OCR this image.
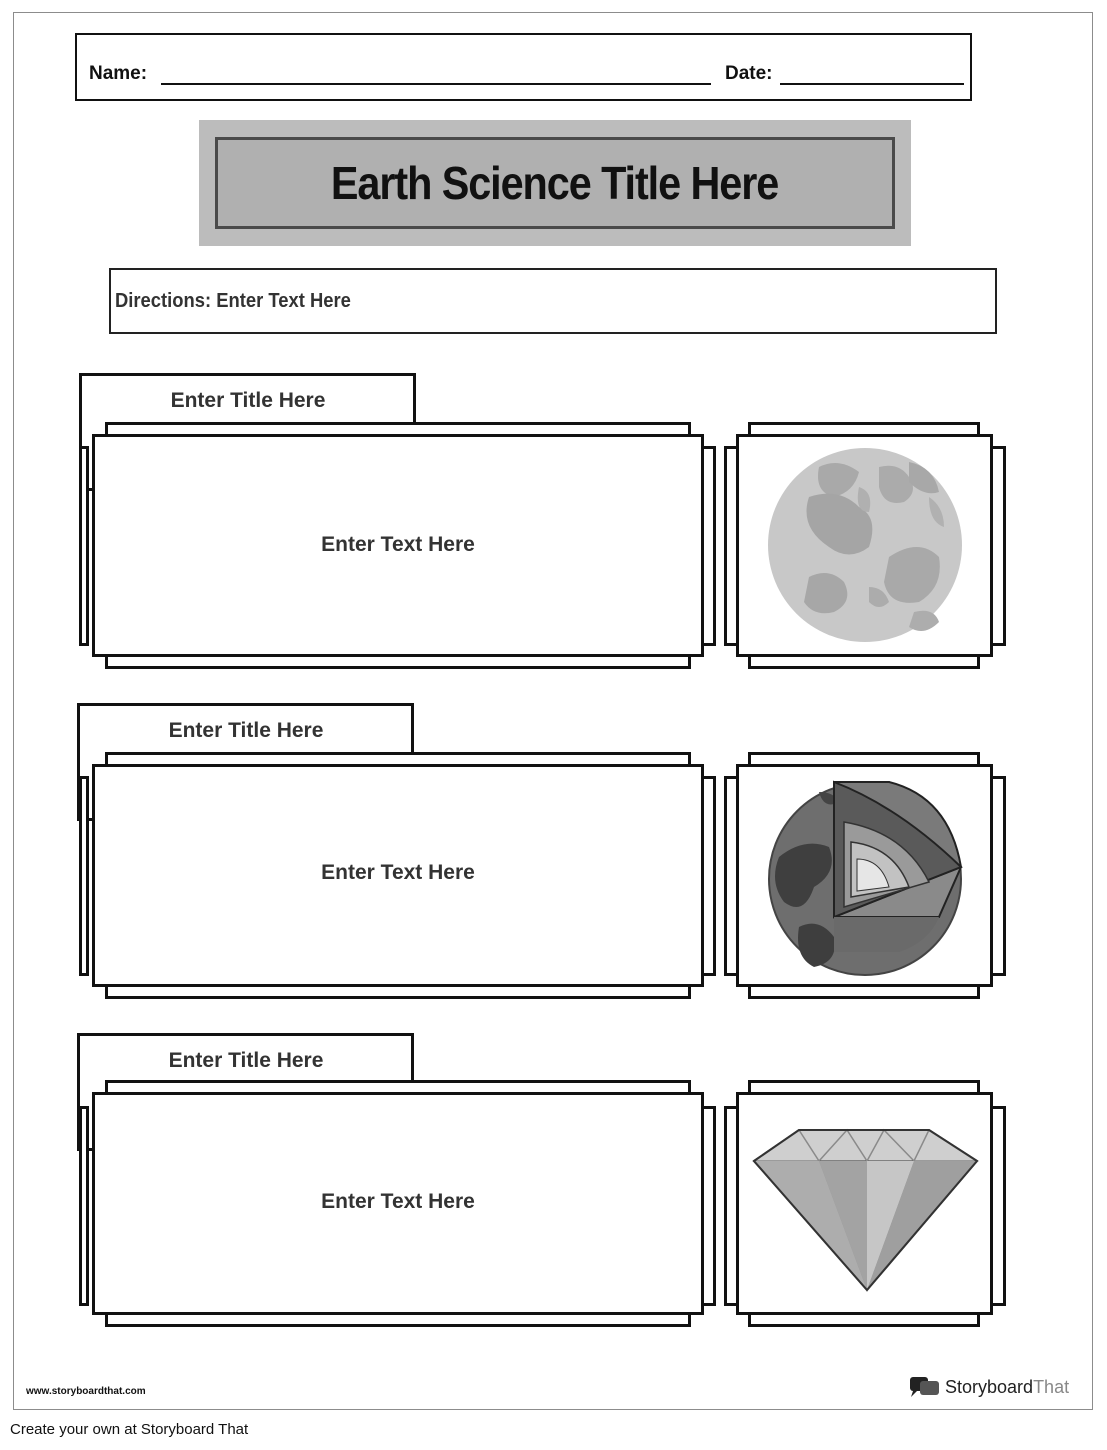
Name:	Date:
Earth Science Title Here
Directions: Enter Text Here
Enter Title Here
Enter Text Here
Enter Title Here
Enter Text Here
Enter Title Here
Enter Text Here
www.storyboardthat.com	StoryboardThat
Create your own at Storyboard That
